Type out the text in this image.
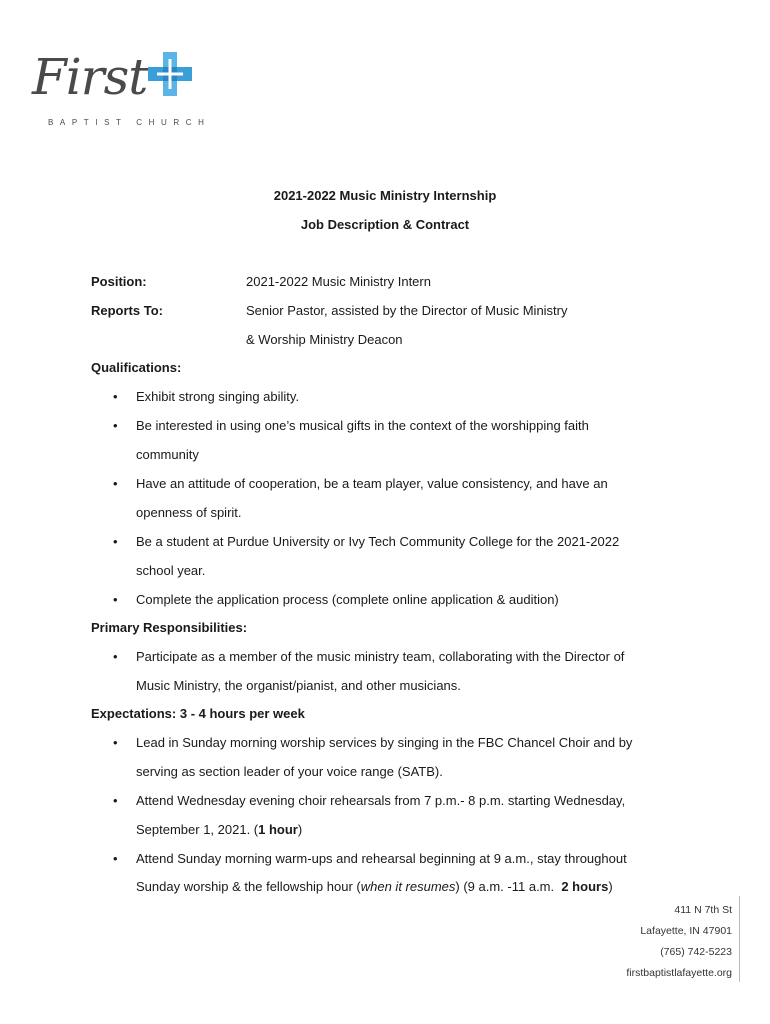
First
BAPTIST CHURCH
2021-2022 Music Ministry Internship
Job Description & Contract
Position:	2021-2022 Music Ministry Intern
Reports To:	Senior Pastor, assisted by the Director of Music Ministry
& Worship Ministry Deacon
Qualifications:
• Exhibit strong singing ability.
• Be interested in using one’s musical gifts in the context of the worshipping faith
community
• Have an attitude of cooperation, be a team player, value consistency, and have an
openness of spirit.
• Be a student at Purdue University or Ivy Tech Community College for the 2021-2022
school year.
• Complete the application process (complete online application & audition)
Primary Responsibilities:
• Participate as a member of the music ministry team, collaborating with the Director of
Music Ministry, the organist/pianist, and other musicians.
Expectations: 3 - 4 hours per week
• Lead in Sunday morning worship services by singing in the FBC Chancel Choir and by
serving as section leader of your voice range (SATB).
• Attend Wednesday evening choir rehearsals from 7 p.m.- 8 p.m. starting Wednesday,
September 1, 2021. (1 hour)
• Attend Sunday morning warm-ups and rehearsal beginning at 9 a.m., stay throughout
Sunday worship & the fellowship hour (when it resumes) (9 a.m. -11 a.m.  2 hours)
411 N 7th St
Lafayette, IN 47901
(765) 742-5223
firstbaptistlafayette.org
